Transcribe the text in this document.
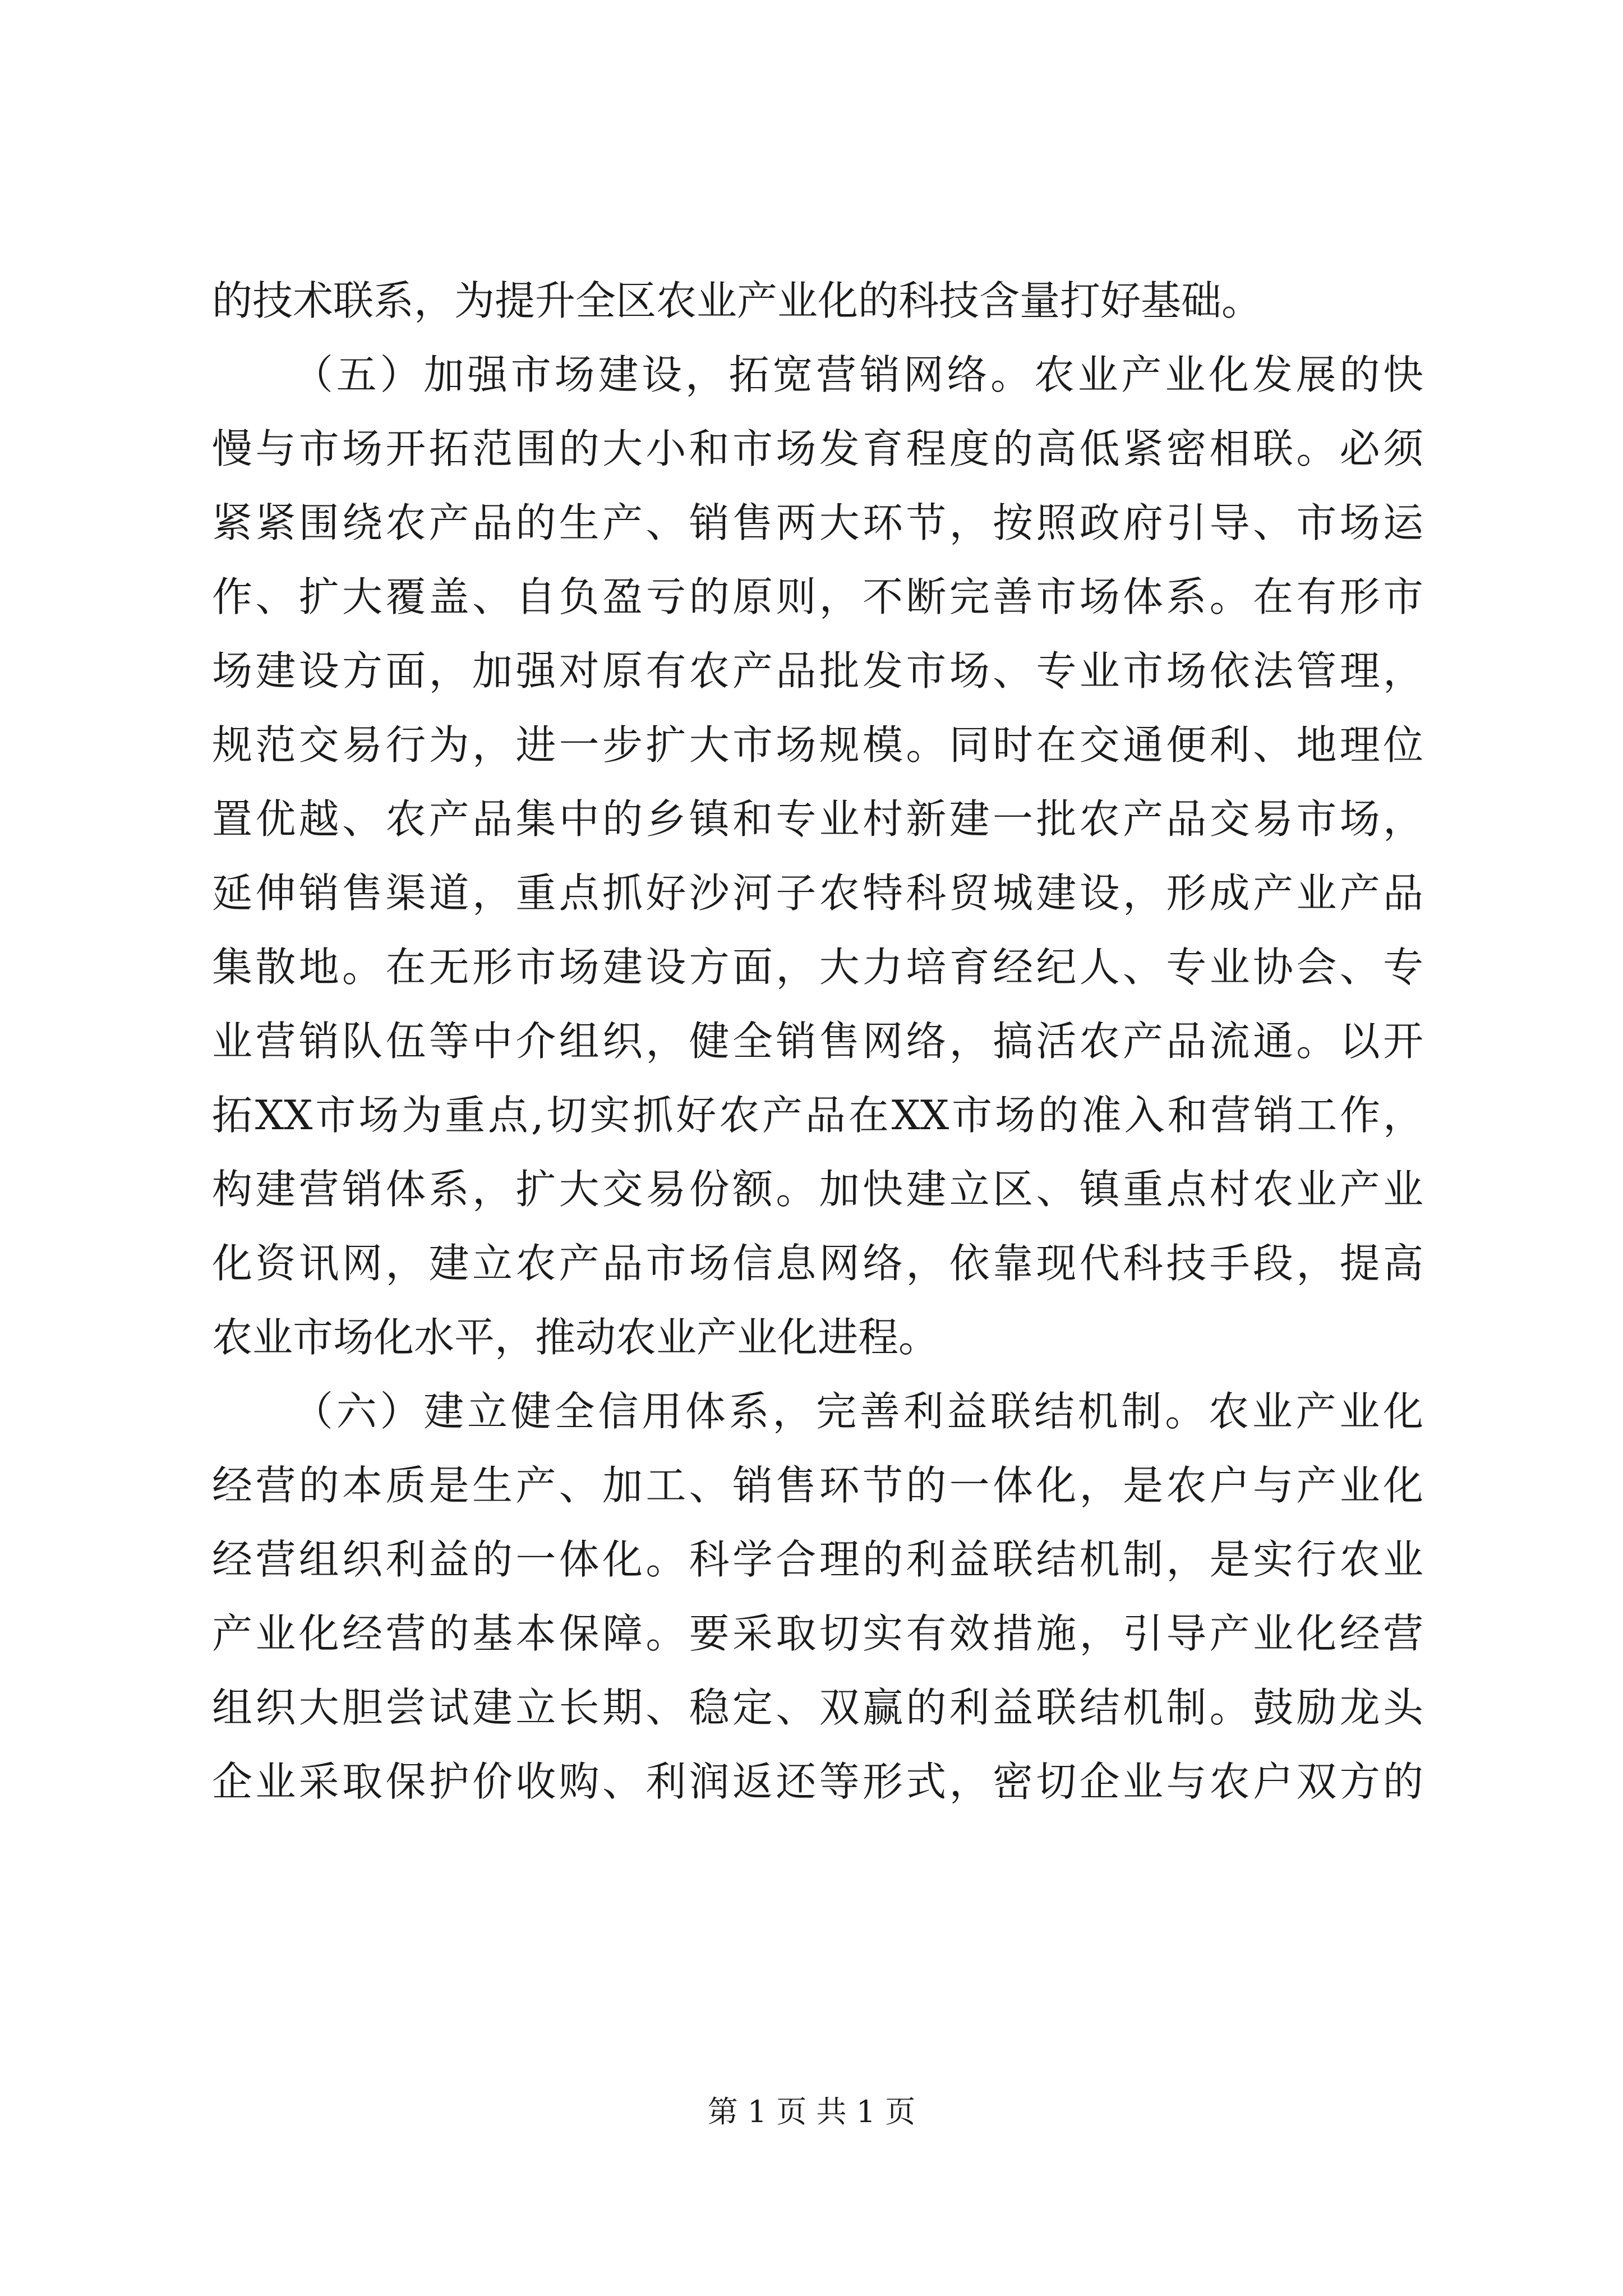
的技术联系，为提升全区农业产业化的科技含量打好基础。
（五）加强市场建设，拓宽营销网络。农业产业化发展的快
慢与市场开拓范围的大小和市场发育程度的高低紧密相联。必须
紧紧围绕农产品的生产、销售两大环节，按照政府引导、市场运
作、扩大覆盖、自负盈亏的原则，不断完善市场体系。在有形市
场建设方面，加强对原有农产品批发市场、专业市场依法管理，
规范交易行为，进一步扩大市场规模。同时在交通便利、地理位
置优越、农产品集中的乡镇和专业村新建一批农产品交易市场，
延伸销售渠道，重点抓好沙河子农特科贸城建设，形成产业产品
集散地。在无形市场建设方面，大力培育经纪人、专业协会、专
业营销队伍等中介组织，健全销售网络，搞活农产品流通。以开
拓XX市场为重点,切实抓好农产品在XX市场的准入和营销工作，
构建营销体系，扩大交易份额。加快建立区、镇重点村农业产业
化资讯网，建立农产品市场信息网络，依靠现代科技手段，提高
农业市场化水平，推动农业产业化进程。
（六）建立健全信用体系，完善利益联结机制。农业产业化
经营的本质是生产、加工、销售环节的一体化，是农户与产业化
经营组织利益的一体化。科学合理的利益联结机制，是实行农业
产业化经营的基本保障。要采取切实有效措施，引导产业化经营
组织大胆尝试建立长期、稳定、双赢的利益联结机制。鼓励龙头
企业采取保护价收购、利润返还等形式，密切企业与农户双方的
第 1 页 共 1 页
